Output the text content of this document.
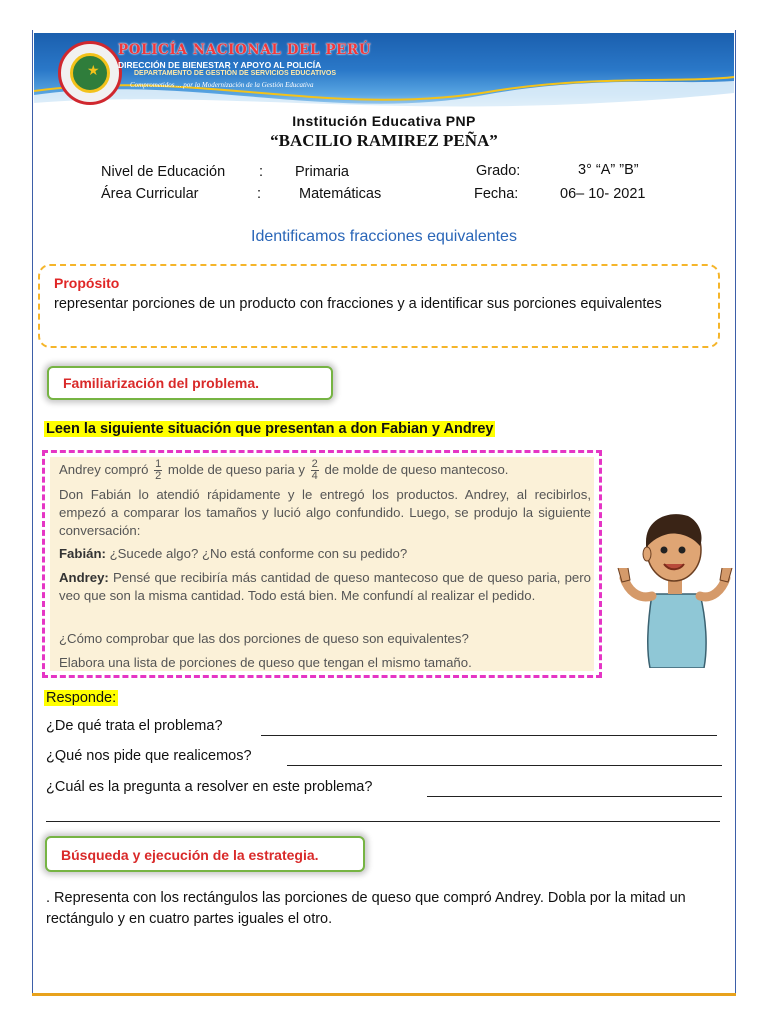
★
POLICÍA NACIONAL DEL PERÚ
DIRECCIÓN DE BIENESTAR Y APOYO AL POLICÍA
DEPARTAMENTO DE GESTIÓN DE SERVICIOS EDUCATIVOS
Comprometidos ... por la Modernización de la Gestión Educativa
Institución Educativa PNP
“BACILIO RAMIREZ PEÑA”
Nivel de Educación : Primaria	Grado:	3° “A” ”B”
Área Curricular	:	Matemáticas	Fecha:	06– 10- 2021
Identificamos fracciones equivalentes
Propósito
representar porciones de un producto con fracciones y a identificar sus porciones equivalentes
Familiarización del problema.
Leen la siguiente situación que presentan a don Fabian y Andrey
Andrey compró $\frac{1}{2}$ molde de queso paria y $\frac{2}{4}$ de molde de queso mantecoso.
Don Fabián lo atendió rápidamente y le entregó los productos. Andrey, al recibirlos, empezó a comparar los tamaños y lució algo confundido. Luego, se produjo la siguiente conversación:
Fabián: ¿Sucede algo? ¿No está conforme con su pedido?
Andrey: Pensé que recibiría más cantidad de queso mantecoso que de queso paria, pero veo que son la misma cantidad. Todo está bien. Me confundí al realizar el pedido.
¿Cómo comprobar que las dos porciones de queso son equivalentes?
Elabora una lista de porciones de queso que tengan el mismo tamaño.
Responde:
¿De qué trata el problema?
¿Qué nos pide que realicemos?
¿Cuál es la pregunta a resolver en este problema?
Búsqueda y ejecución de la estrategia.
. Representa con los rectángulos las porciones de queso que compró Andrey. Dobla por la mitad un rectángulo y en cuatro partes iguales el otro.
